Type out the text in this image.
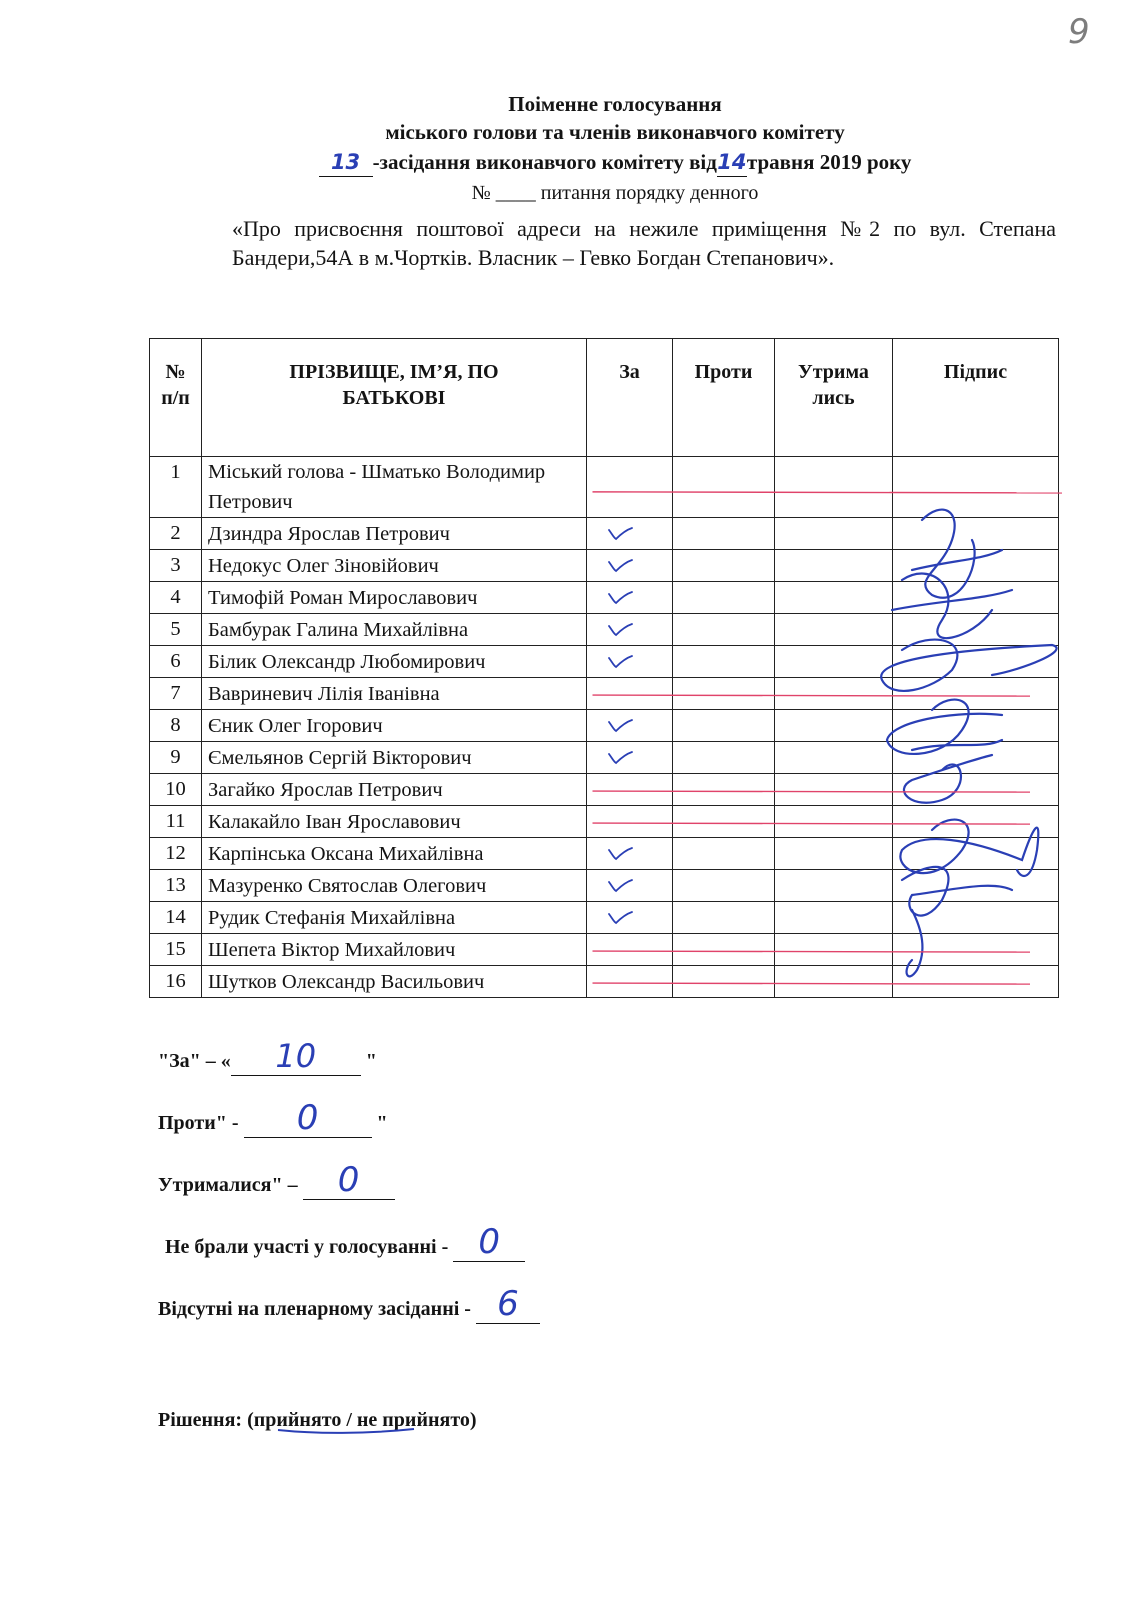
9
Поіменне голосування
міського голови та членів виконавчого комітету
13 -засідання виконавчого комітету від14травня 2019 року
№ ____ питання порядку денного
«Про присвоєння поштової адреси на нежиле приміщення №2 по вул. Степана Бандери,54А в м.Чортків. Власник – Гевко Богдан Степанович».
№ п/п	ПРІЗВИЩЕ, ІМ’Я, ПО БАТЬКОВІ	За	Проти	Утрима лись	Підпис
1	Міський голова - Шматько Володимир Петрович				
2	Дзиндра Ярослав Петрович	

3	Недокус Олег Зіновійович	

4	Тимофій Роман Мирославович	

5	Бамбурак Галина Михайлівна	

6	Білик Олександр Любомирович	

7	Вавриневич Лілія Іванівна				
8	Єник Олег Ігорович	

9	Ємельянов Сергій Вікторович	

10	Загайко Ярослав Петрович				
11	Калакайло Іван Ярославович				
12	Карпінська Оксана Михайлівна	

13	Мазуренко Святослав Олегович	

14	Рудик Стефанія Михайлівна	

15	Шепета Віктор Михайлович				
16	Шутков Олександр Васильович				
"За" – « 10 "
Проти" - 0	"
Утрималися" – 0
Не брали участі у голосуванні - 0
Відсутні на пленарному засіданні - 6
Рішення: (прийнято / не прийнято)
